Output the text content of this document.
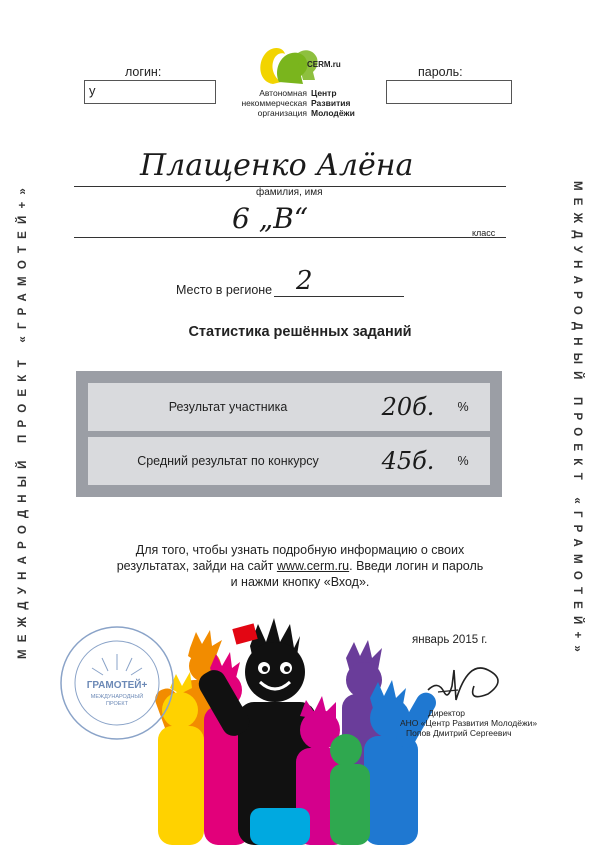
МЕЖДУНАРОДНЫЙ ПРОЕКТ «ГРАМОТЕЙ+»	МЕЖДУНАРОДНЫЙ ПРОЕКТ «ГРАМОТЕЙ+»
логин:
у
пароль:
CERM.ru
Автономная
некоммерческая
организация
Центр
Развития
Молодёжи
Плащенко Алёна
фамилия, имя
6 „В“	класс
Место в регионе 2
Статистика решённых заданий
Результат участника	20б.	%
Средний результат по конкурсу	45б.	%
Для того, чтобы узнать подробную информацию о своих
результатах, зайди на сайт www.cerm.ru. Введи логин и пароль
и нажми кнопку «Вход».
январь 2015 г.
ГРАМОТЕЙ+
МЕЖДУНАРОДНЫЙ
ПРОЕКТ
Директор
АНО «Центр Развития Молодёжи»
Попов Дмитрий Сергеевич
